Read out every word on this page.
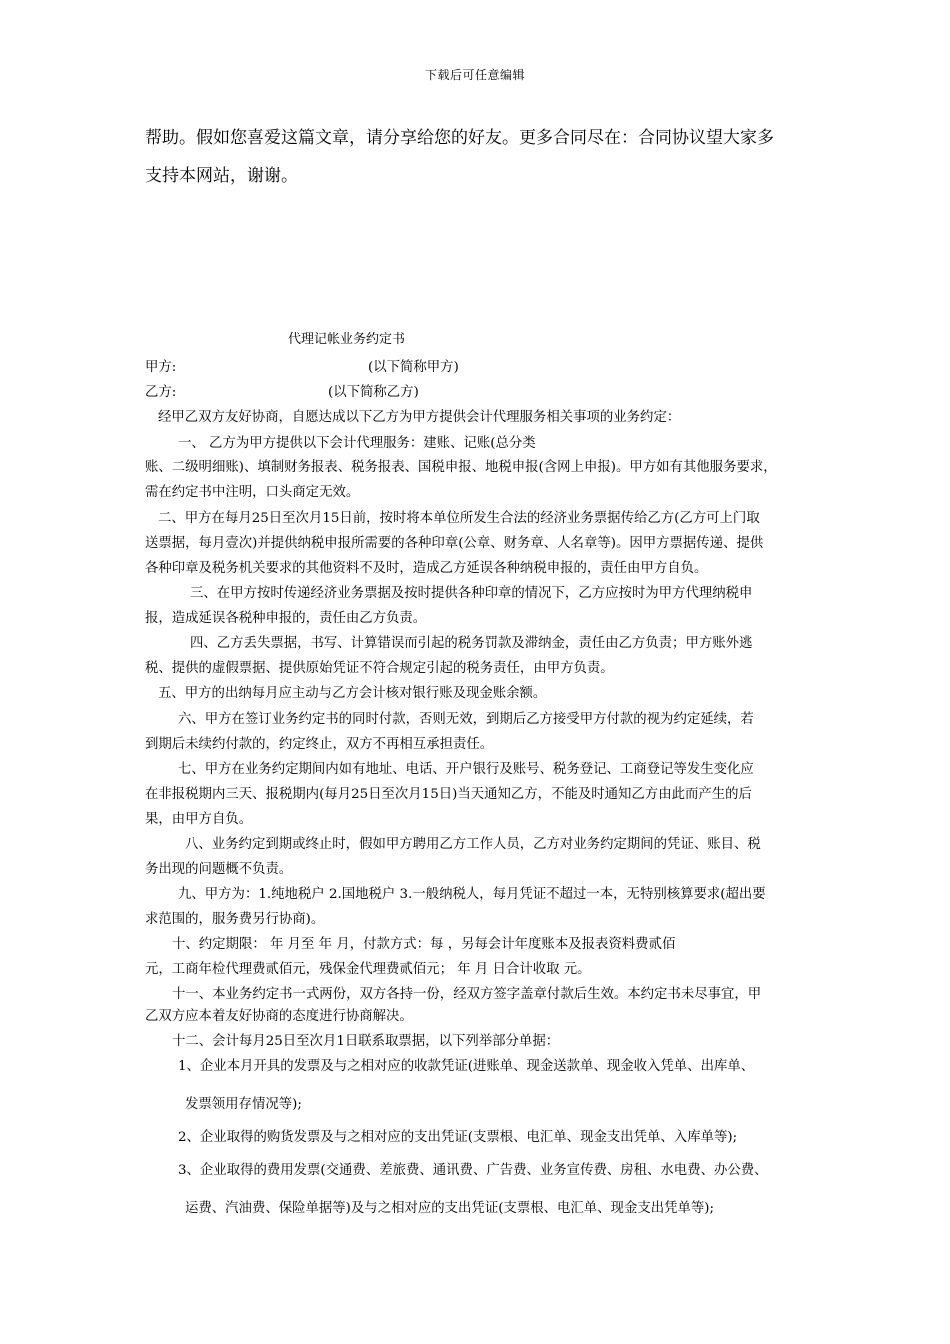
下载后可任意编辑
帮助。假如您喜爱这篇文章，请分享给您的好友。更多合同尽在：合同协议望大家多
支持本网站，谢谢。
代理记帐业务约定书
甲方:	(以下简称甲方)
乙方:	(以下简称乙方)
经甲乙双方友好协商，自愿达成以下乙方为甲方提供会计代理服务相关事项的业务约定：
一、 乙方为甲方提供以下会计代理服务：建账、记账(总分类
账、二级明细账)、填制财务报表、税务报表、国税申报、地税申报(含网上申报)。甲方如有其他服务要求，
需在约定书中注明，口头商定无效。
二、甲方在每月25日至次月15日前，按时将本单位所发生合法的经济业务票据传给乙方(乙方可上门取
送票据，每月壹次)并提供纳税申报所需要的各种印章(公章、财务章、人名章等)。因甲方票据传递、提供
各种印章及税务机关要求的其他资料不及时，造成乙方延误各种纳税申报的，责任由甲方自负。
三、在甲方按时传递经济业务票据及按时提供各种印章的情况下，乙方应按时为甲方代理纳税申
报，造成延误各税种申报的，责任由乙方负责。
四、乙方丢失票据，书写、计算错误而引起的税务罚款及滞纳金，责任由乙方负责；甲方账外逃
税、提供的虚假票据、提供原始凭证不符合规定引起的税务责任，由甲方负责。
五、甲方的出纳每月应主动与乙方会计核对银行账及现金账余额。
六、甲方在签订业务约定书的同时付款，否则无效，到期后乙方接受甲方付款的视为约定延续，若
到期后未续约付款的，约定终止，双方不再相互承担责任。
七、甲方在业务约定期间内如有地址、电话、开户银行及账号、税务登记、工商登记等发生变化应
在非报税期内三天、报税期内(每月25日至次月15日)当天通知乙方，不能及时通知乙方由此而产生的后
果，由甲方自负。
八、业务约定到期或终止时，假如甲方聘用乙方工作人员，乙方对业务约定期间的凭证、账目、税
务出现的问题概不负责。
九、甲方为：1.纯地税户 2.国地税户 3.一般纳税人，每月凭证不超过一本，无特别核算要求(超出要
求范围的，服务费另行协商)。
十、约定期限： 年 月至 年 月，付款方式：每 ，另每会计年度账本及报表资料费贰佰
元，工商年检代理费贰佰元，残保金代理费贰佰元； 年 月 日合计收取 元。
十一、本业务约定书一式两份，双方各持一份，经双方签字盖章付款后生效。本约定书未尽事宜，甲
乙双方应本着友好协商的态度进行协商解决。
十二、会计每月25日至次月1日联系取票据，以下列举部分单据：
1、企业本月开具的发票及与之相对应的收款凭证(进账单、现金送款单、现金收入凭单、出库单、
发票领用存情况等);
2、企业取得的购货发票及与之相对应的支出凭证(支票根、电汇单、现金支出凭单、入库单等);
3、企业取得的费用发票(交通费、差旅费、通讯费、广告费、业务宣传费、房租、水电费、办公费、
运费、汽油费、保险单据等)及与之相对应的支出凭证(支票根、电汇单、现金支出凭单等);
